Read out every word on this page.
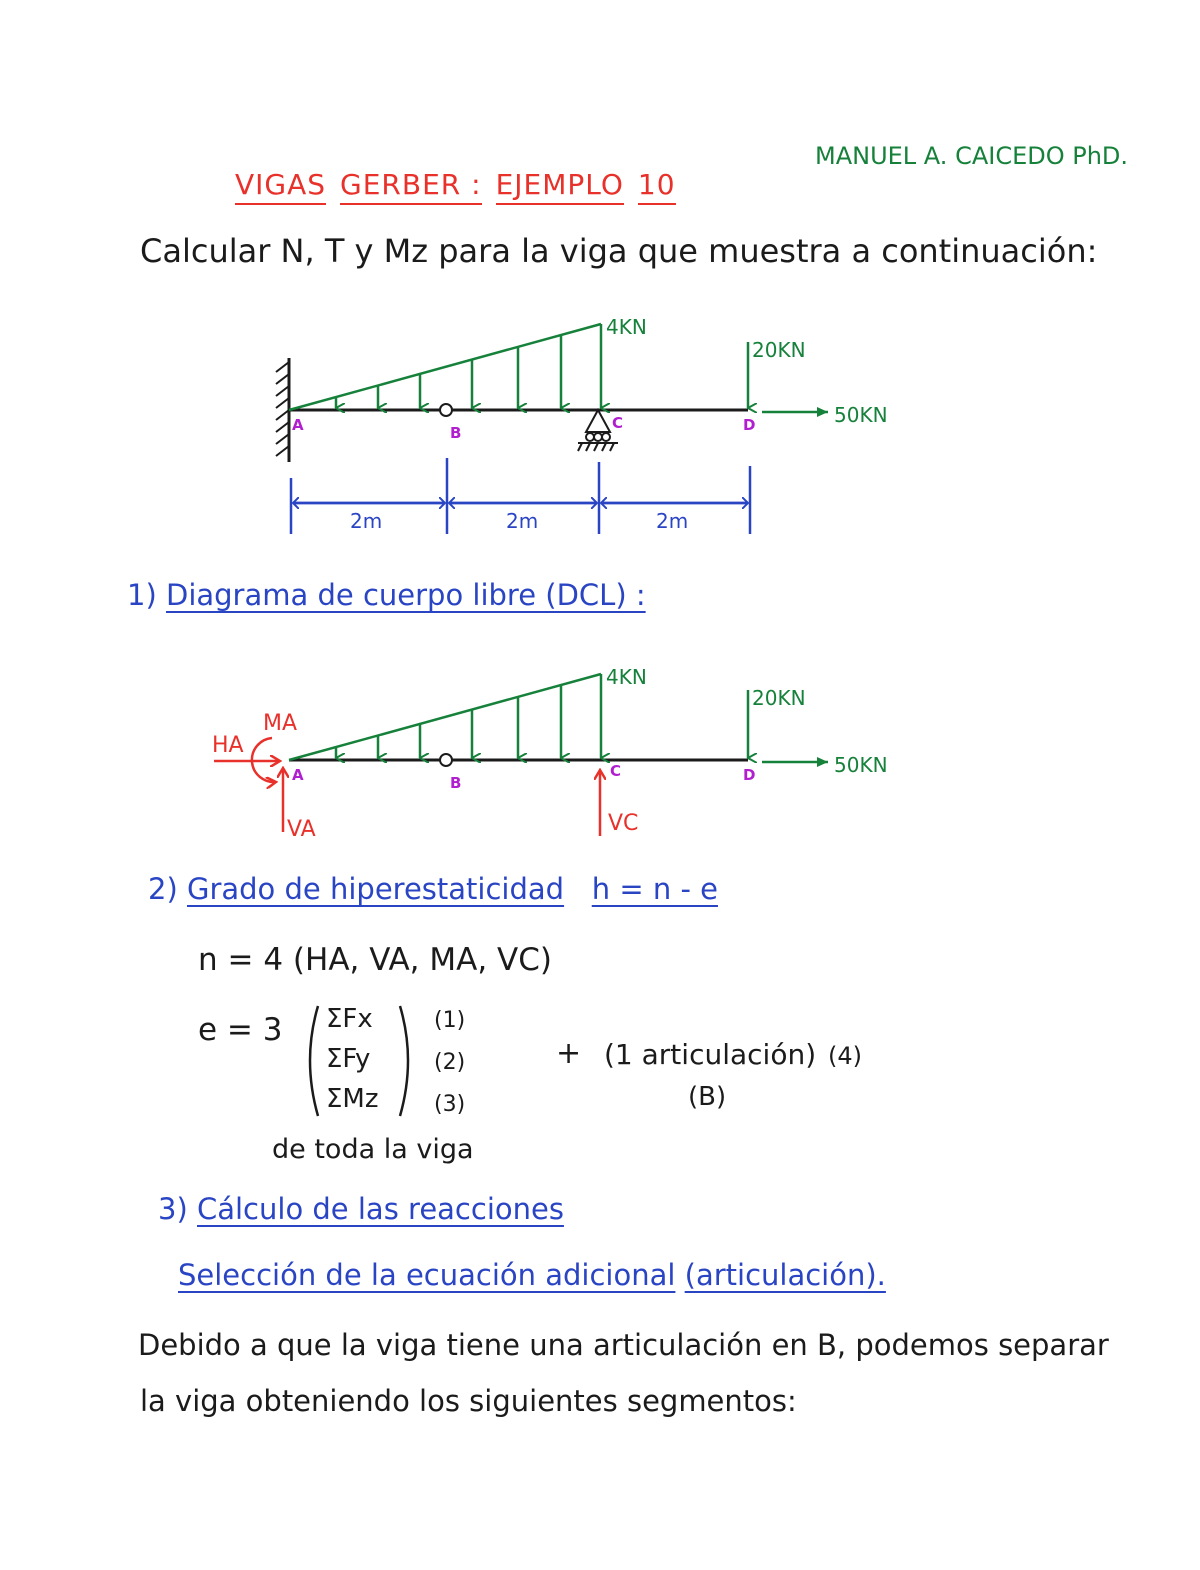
MANUEL A. CAICEDO PhD.
VIGAS GERBER : EJEMPLO 10
Calcular N, T y Mz para la viga que muestra a continuación:
4KN
20KN
50KN
A	B
C	D
2m	2m	2m
1) Diagrama de cuerpo libre (DCL) :
4KN
20KN
50KN
A	B
C	D
HA
MA
VA	VC
2) Grado de hiperestaticidad h = n - e
n = 4 (HA, VA, MA, VC)
e = 3 ΣFx
ΣFy
ΣMz
(1)
(2)
(3)
+ (1 articulación) (4)
(B)
de toda la viga
3) Cálculo de las reacciones
Selección de la ecuación adicional (articulación).
Debido a que la viga tiene una articulación en B, podemos separar
la viga obteniendo los siguientes segmentos:
